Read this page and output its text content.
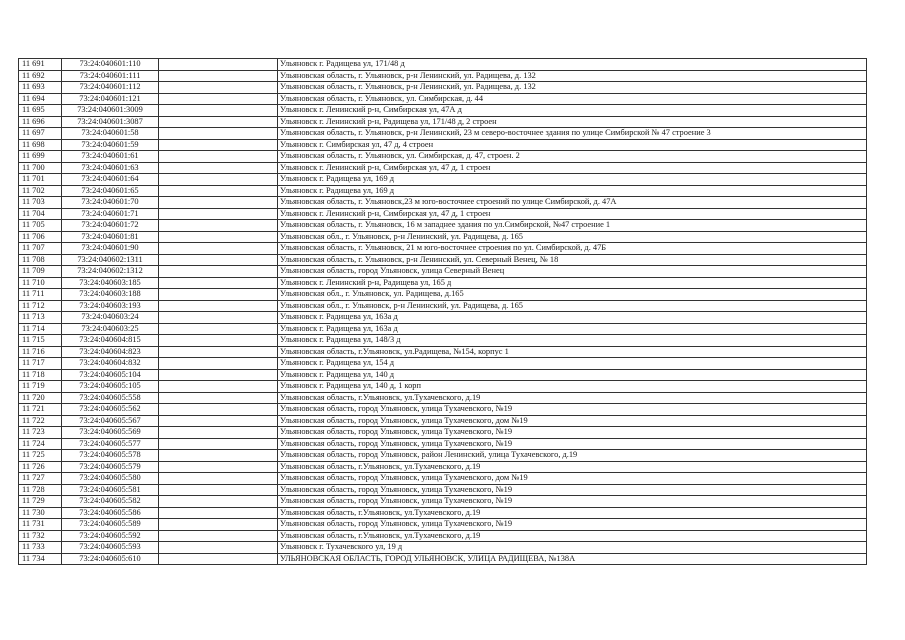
11 691	73:24:040601:110		Ульяновск г. Радищева ул, 171/48 д
11 692	73:24:040601:111		Ульяновская область, г. Ульяновск, р-н Ленинский, ул. Радищева, д. 132
11 693	73:24:040601:112		Ульяновская область, г. Ульяновск, р-н Ленинский, ул. Радищева, д. 132
11 694	73:24:040601:121		Ульяновская область, г. Ульяновск, ул. Симбирская, д. 44
11 695	73:24:040601:3009		Ульяновск г. Ленинский р-н, Симбирская ул, 47А д
11 696	73:24:040601:3087		Ульяновск г. Ленинский р-н, Радищева ул, 171/48 д, 2 строен
11 697	73:24:040601:58		Ульяновская область, г. Ульяновск, р-н Ленинский, 23 м северо-восточнее здания по улице Симбирской № 47 строение 3
11 698	73:24:040601:59		Ульяновск г. Симбирская ул, 47 д, 4 строен
11 699	73:24:040601:61		Ульяновская область, г. Ульяновск, ул. Симбирская, д. 47, строен. 2
11 700	73:24:040601:63		Ульяновск г. Ленинский р-н, Симбирская ул, 47 д, 1 строен
11 701	73:24:040601:64		Ульяновск г. Радищева ул, 169 д
11 702	73:24:040601:65		Ульяновск г. Радищева ул, 169 д
11 703	73:24:040601:70		Ульяновская область, г. Ульяновск,23 м юго-восточнее строений по улице Симбирской, д. 47А
11 704	73:24:040601:71		Ульяновск г. Ленинский р-н, Симбирская ул, 47 д, 1 строен
11 705	73:24:040601:72		Ульяновская область, г. Ульяновск, 16 м западнее здания по ул.Симбирской, №47 строение 1
11 706	73:24:040601:81		Ульяновская обл., г. Ульяновск, р-н Ленинский, ул. Радищева, д. 165
11 707	73:24:040601:90		Ульяновская область, г. Ульяновск, 21 м юго-восточнее строения по ул. Симбирской, д. 47Б
11 708	73:24:040602:1311		Ульяновская область, г. Ульяновск, р-н Ленинский, ул. Северный Венец, № 18
11 709	73:24:040602:1312		Ульяновская область, город Ульяновск, улица Северный Венец
11 710	73:24:040603:185		Ульяновск г. Ленинский р-н, Радищева ул, 165 д
11 711	73:24:040603:188		Ульяновская обл., г. Ульяновск, ул. Радищева, д.165
11 712	73:24:040603:193		Ульяновская обл., г. Ульяновск, р-н Ленинский, ул. Радищева, д. 165
11 713	73:24:040603:24		Ульяновск г. Радищева ул, 163а д
11 714	73:24:040603:25		Ульяновск г. Радищева ул, 163а д
11 715	73:24:040604:815		Ульяновск г. Радищева ул, 148/3 д
11 716	73:24:040604:823		Ульяновская область, г.Ульяновск, ул.Радищева, №154, корпус 1
11 717	73:24:040604:832		Ульяновск г. Радищева ул, 154 д
11 718	73:24:040605:104		Ульяновск г. Радищева ул, 140 д
11 719	73:24:040605:105		Ульяновск г. Радищева ул, 140 д, 1 корп
11 720	73:24:040605:558		Ульяновская область, г.Ульяновск, ул.Тухачевского, д.19
11 721	73:24:040605:562		Ульяновская область, город Ульяновск, улица Тухачевского, №19
11 722	73:24:040605:567		Ульяновская область, город Ульяновск, улица Тухачевского, дом №19
11 723	73:24:040605:569		Ульяновская область, город Ульяновск, улица Тухачевского, №19
11 724	73:24:040605:577		Ульяновская область, город Ульяновск, улица Тухачевского, №19
11 725	73:24:040605:578		Ульяновская область, город Ульяновск, район Ленинский, улица Тухачевского, д.19
11 726	73:24:040605:579		Ульяновская область, г.Ульяновск, ул.Тухачевского, д.19
11 727	73:24:040605:580		Ульяновская область, город Ульяновск, улица Тухачевского, дом №19
11 728	73:24:040605:581		Ульяновская область, город Ульяновск, улица Тухачевского, №19
11 729	73:24:040605:582		Ульяновская область, город Ульяновск, улица Тухачевского, №19
11 730	73:24:040605:586		Ульяновская область, г.Ульяновск, ул.Тухачевского, д.19
11 731	73:24:040605:589		Ульяновская область, город Ульяновск, улица Тухачевского, №19
11 732	73:24:040605:592		Ульяновская область, г.Ульяновск, ул.Тухачевского, д.19
11 733	73:24:040605:593		Ульяновск г. Тухачевского ул, 19 д
11 734	73:24:040605:610		УЛЬЯНОВСКАЯ ОБЛАСТЬ, ГОРОД УЛЬЯНОВСК, УЛИЦА РАДИЩЕВА, №138А
